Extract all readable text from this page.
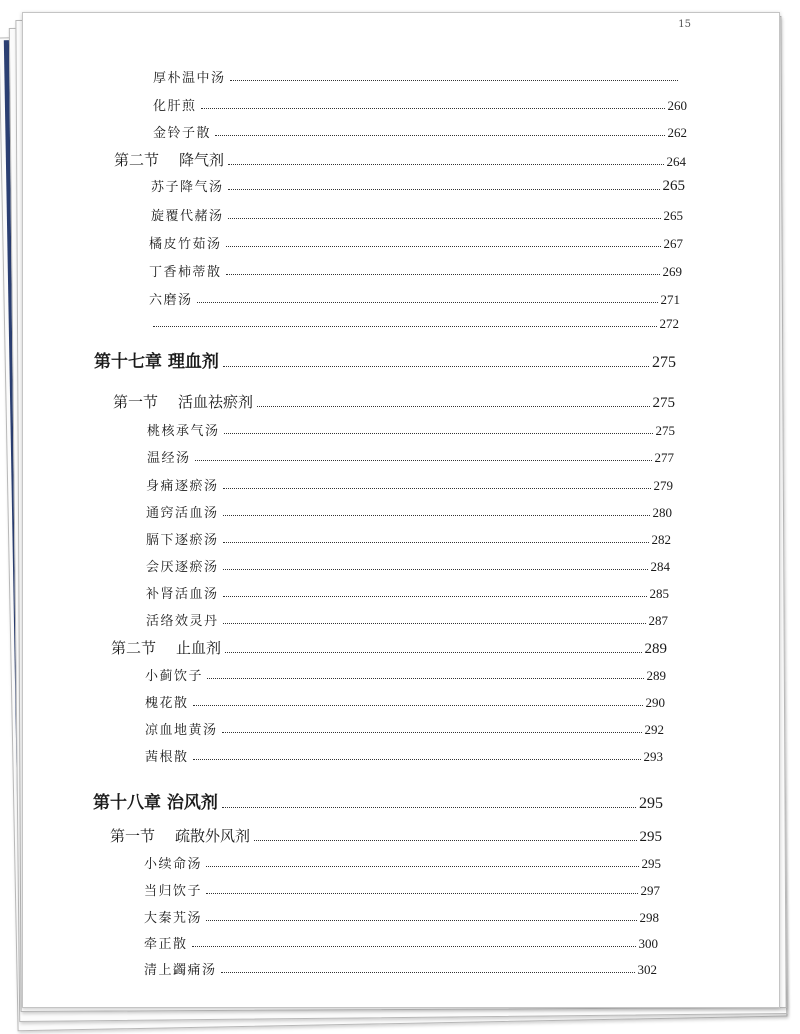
15
厚朴温中汤
化肝煎	260
金铃子散	262
第二节 降气剂	264
苏子降气汤	265
旋覆代赭汤	265
橘皮竹茹汤	267
丁香柿蒂散	269
六磨汤	271
272
第十七章 理血剂	275
第一节 活血祛瘀剂	275
桃核承气汤	275
温经汤	277
身痛逐瘀汤	279
通窍活血汤	280
膈下逐瘀汤	282
会厌逐瘀汤	284
补肾活血汤	285
活络效灵丹	287
第二节 止血剂	289
小蓟饮子	289
槐花散	290
凉血地黄汤	292
茜根散	293
第十八章 治风剂	295
第一节 疏散外风剂	295
小续命汤	295
当归饮子	297
大秦艽汤	298
牵正散	300
清上蠲痛汤	302
